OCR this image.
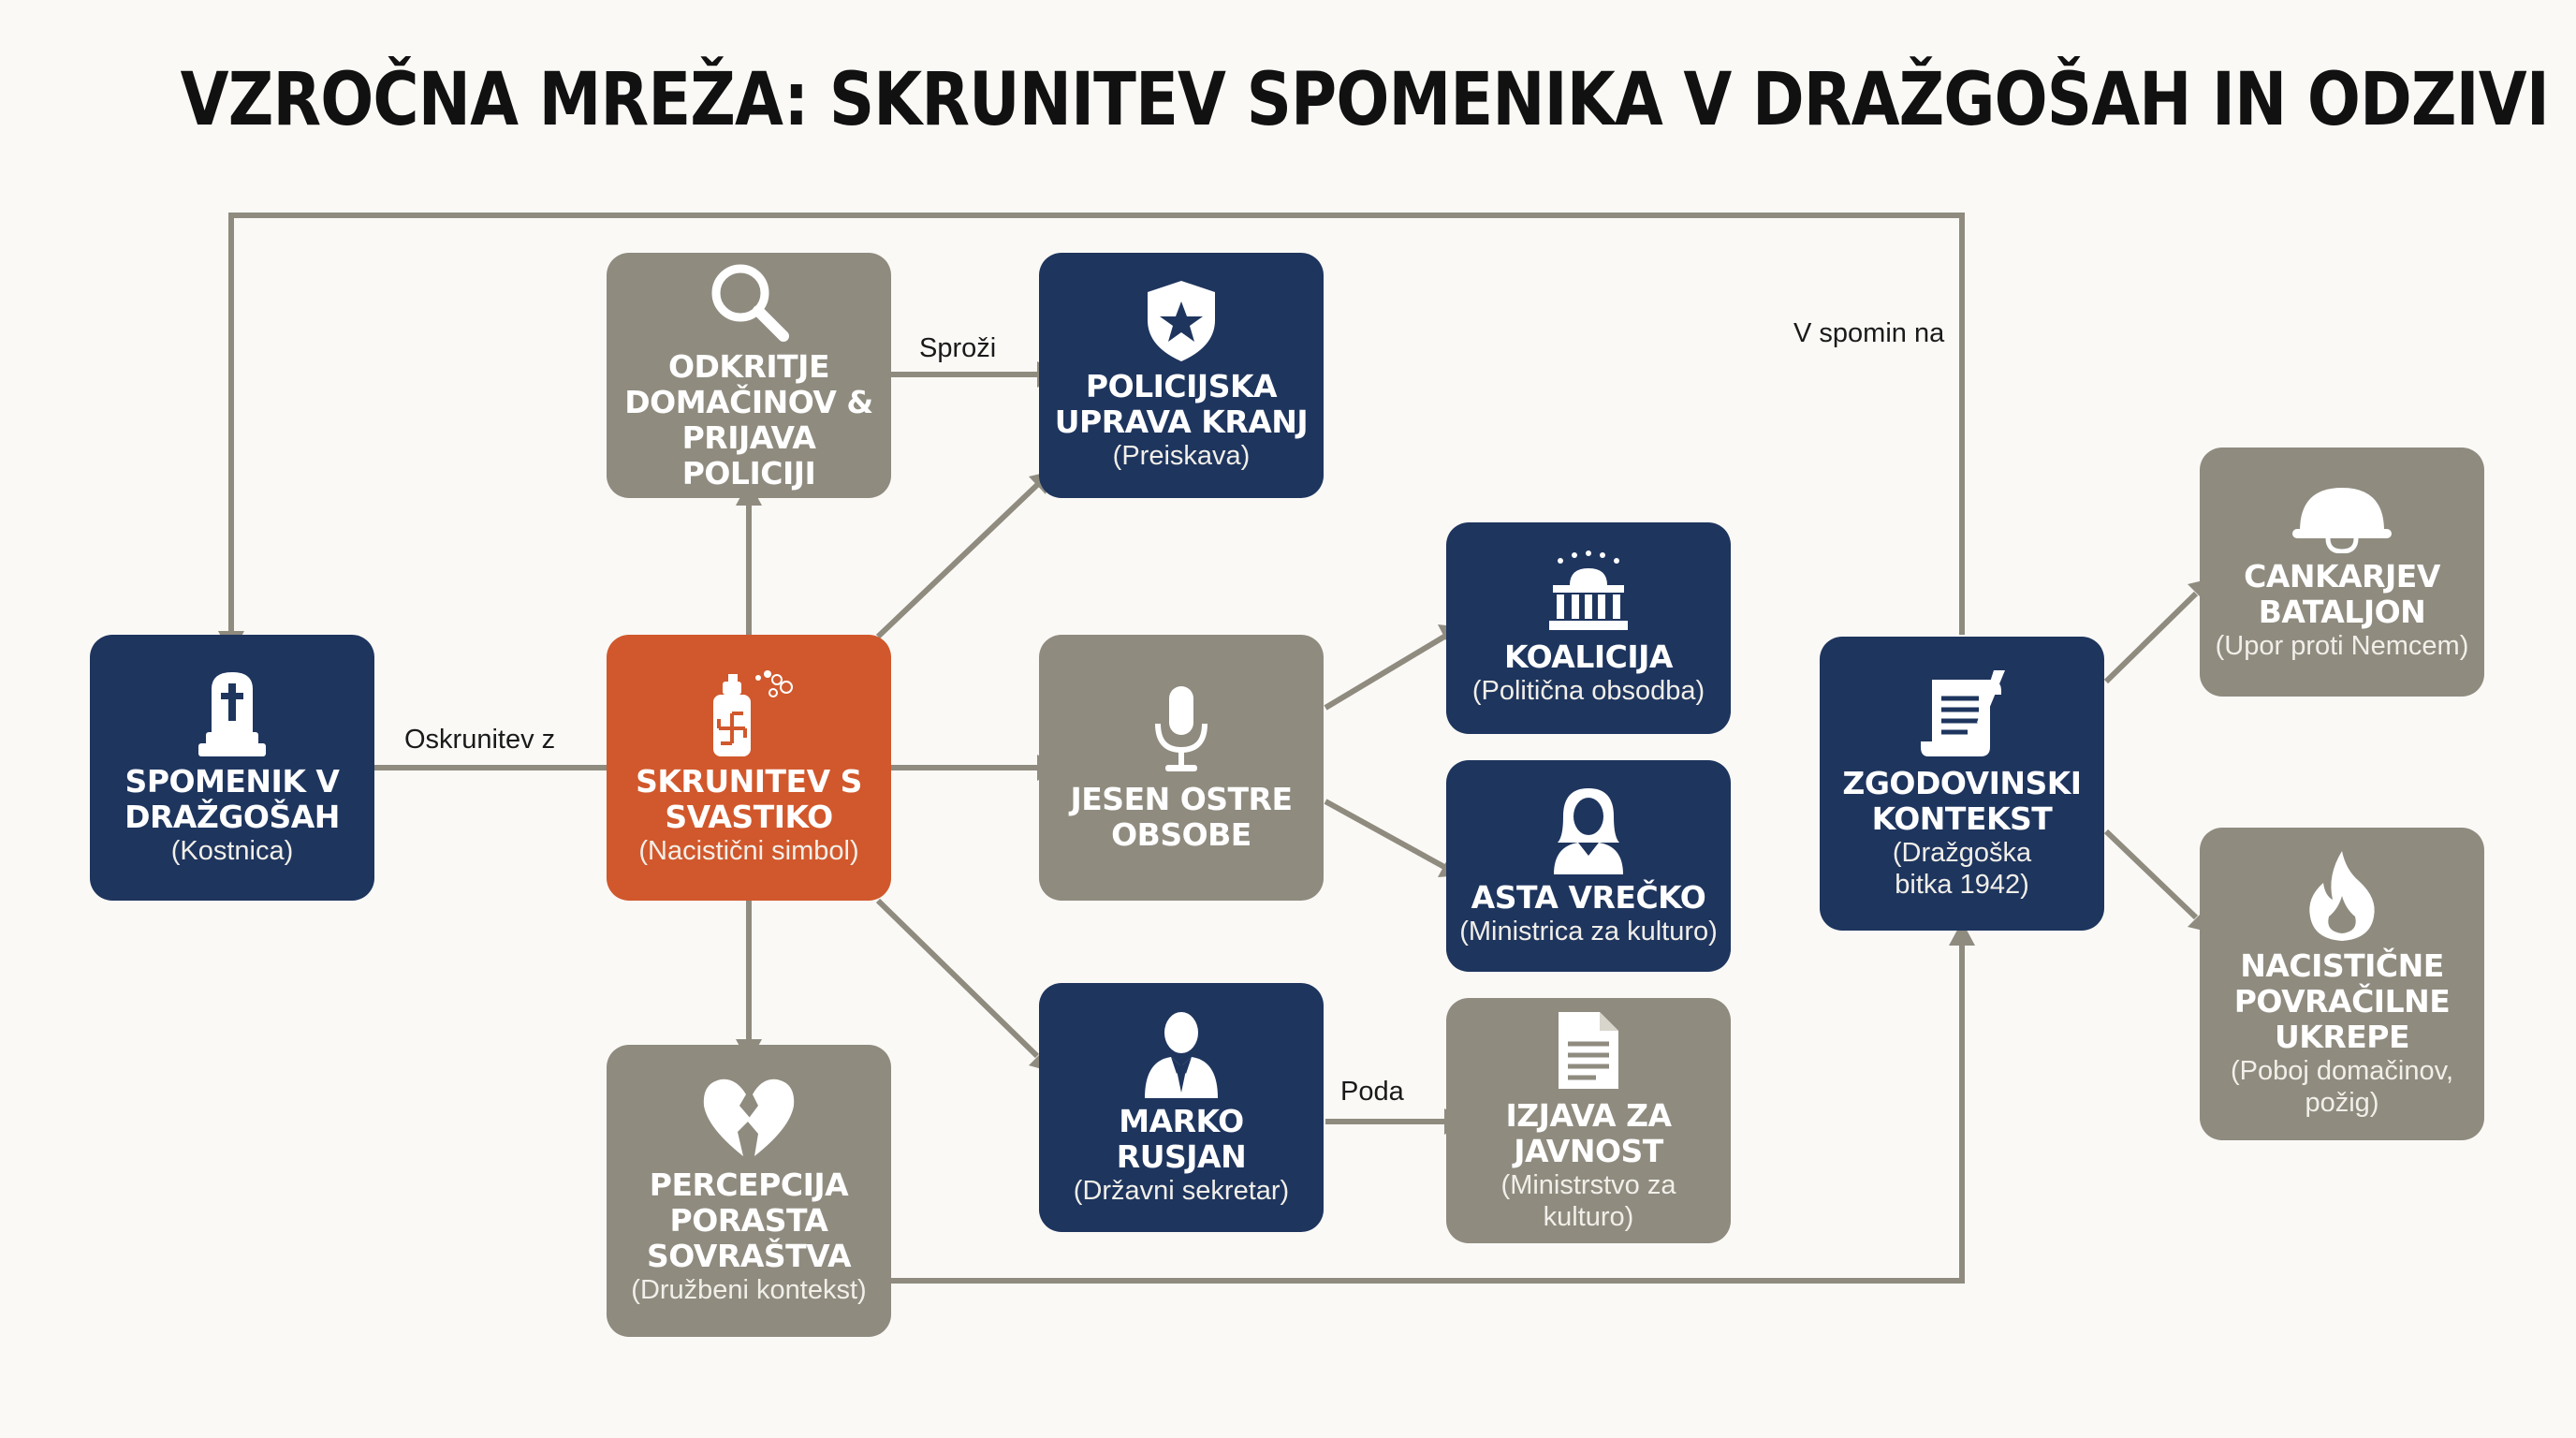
VZROČNA MREŽA: SKRUNITEV SPOMENIKA V DRAŽGOŠAH IN ODZIVI
Oskrunitev z
Sproži
Poda
V spomin na
SPOMENIK V
DRAŽGOŠAH
(Kostnica)
ODKRITJE
DOMAČINOV &
PRIJAVA POLICIJI
POLICIJSKA
UPRAVA KRANJ
(Preiskava)
SKRUNITEV S
SVASTIKO
(Nacistični simbol)
JESEN OSTRE
OBSOBE
KOALICIJA
(Politična obsodba)
ASTA VREČKO
(Ministrica za kulturo)
MARKO
RUSJAN
(Državni sekretar)
IZJAVA ZA
JAVNOST
(Ministrstvo za kulturo)
PERCEPCIJA
PORASTA
SOVRAŠTVA
(Družbeni kontekst)
ZGODOVINSKI
KONTEKST
(Dražgoška
bitka 1942)
CANKARJEV
BATALJON
(Upor proti Nemcem)
NACISTIČNE
POVRAČILNE
UKREPE
(Poboj domačinov,
požig)
